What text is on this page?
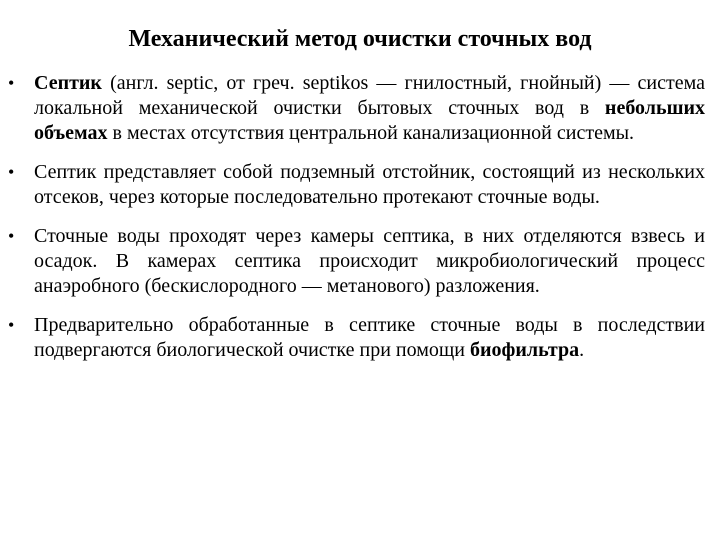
Механический метод очистки сточных вод
• Септик (англ. septic, от греч. septikos — гнилостный, гнойный) — система локальной механической очистки бытовых сточных вод в небольших объемах в местах отсутствия центральной канализационной системы.
• Септик представляет собой подземный отстойник, состоящий из нескольких отсеков, через которые последовательно протекают сточные воды.
• Сточные воды проходят через камеры септика, в них отделяются взвесь и осадок. В камерах септика происходит микробиологический процесс анаэробного (бескислородного — метанового) разложения.
• Предварительно обработанные в септике сточные воды в последствии подвергаются биологической очистке при помощи биофильтра.
